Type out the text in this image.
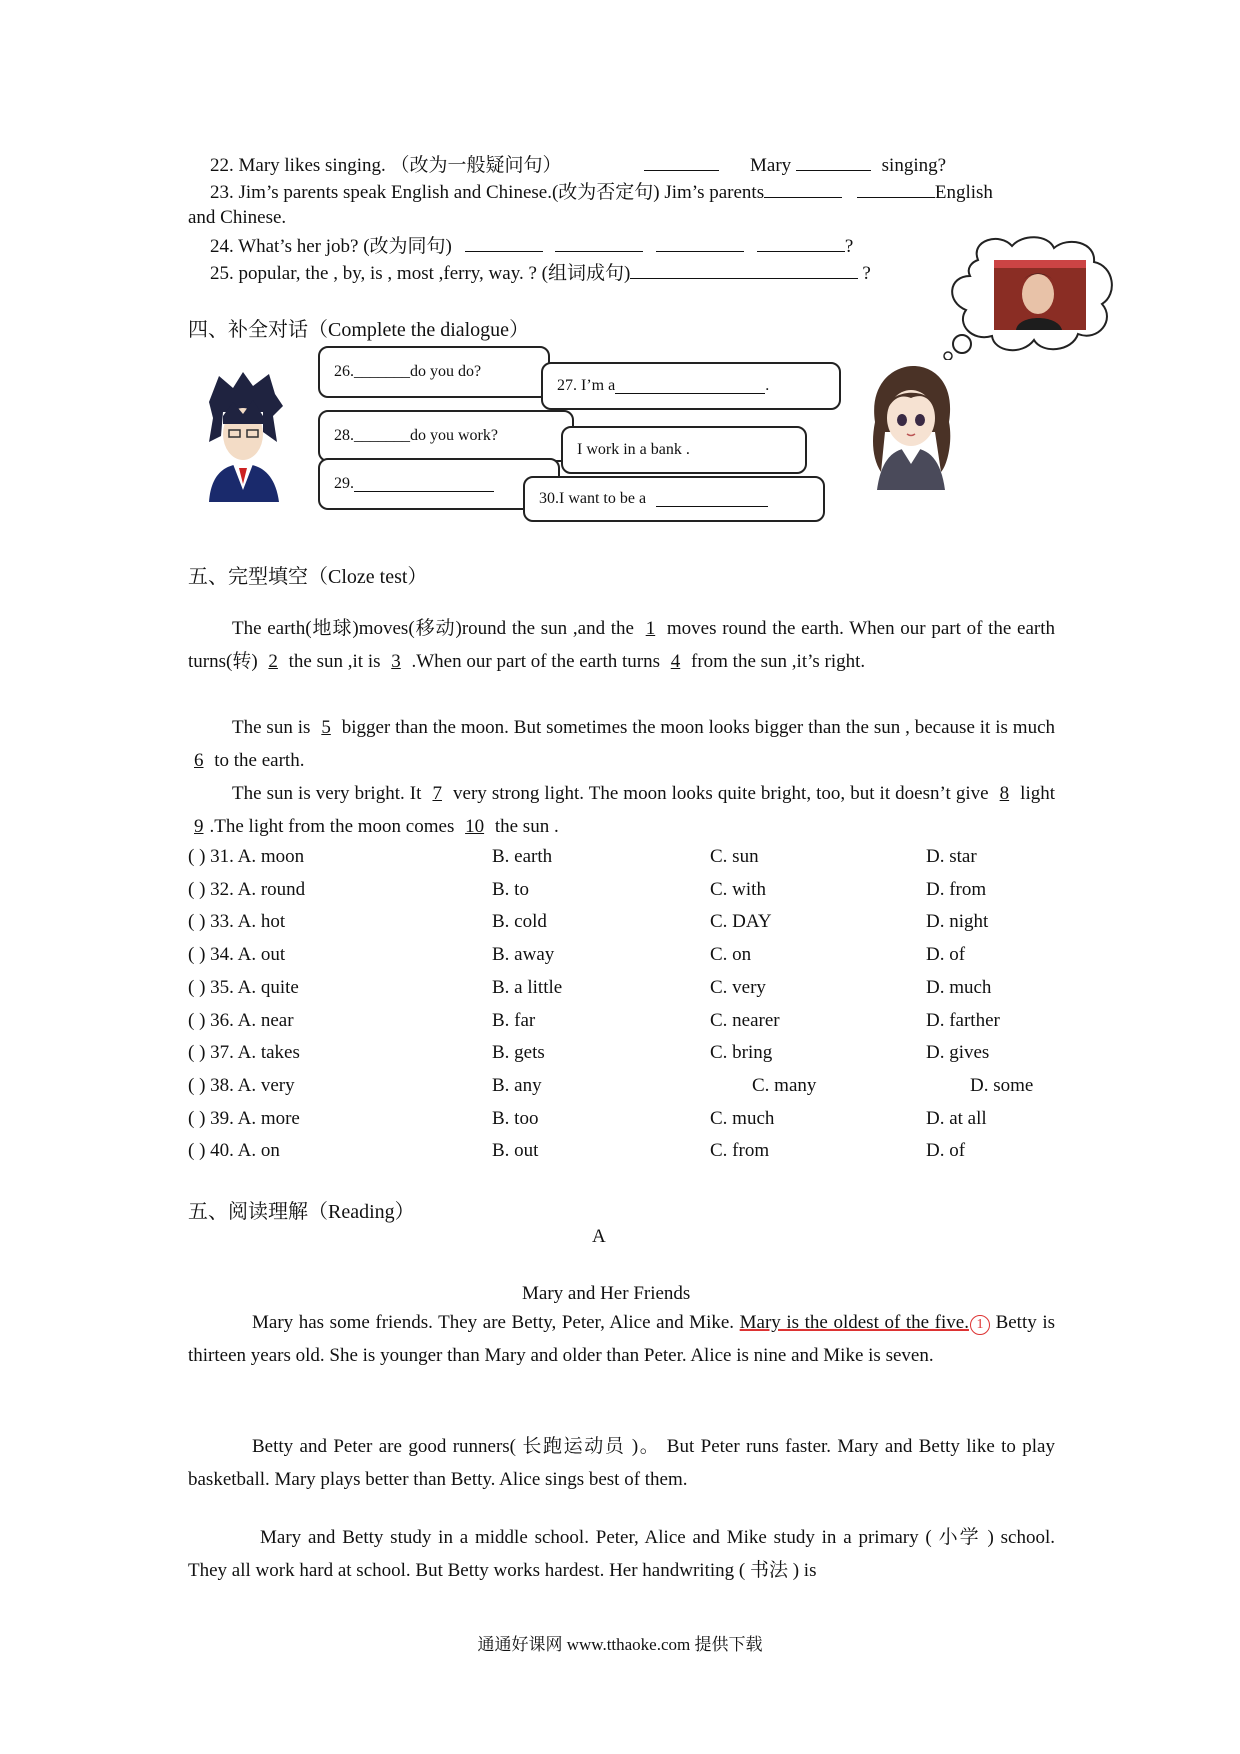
22. Mary likes singing. （改为一般疑问句）	Mary	singing?
23. Jim’s parents speak English and Chinese.(改为否定句) Jim’s parents	English
and Chinese.
24. What’s her job? (改为同句)	?
25. popular, the , by, is , most ,ferry, way. ? (组词成句)	?
四、补全对话（Complete the dialogue）
26._______do you do?
27. I’m a	.
28._______do you work?
I work in a bank .
29.
30.I want to be a
五、完型填空（Cloze test）
The earth(地球)moves(移动)round the sun ,and the 1 moves round the earth. When our part of the earth turns(转) 2 the sun ,it is 3 .When our part of the earth turns 4 from the sun ,it’s right.
The sun is 5 bigger than the moon. But sometimes the moon looks bigger than the sun , because it is much 6 to the earth.
The sun is very bright. It 7 very strong light. The moon looks quite bright, too, but it doesn’t give 8 light 9 .The light from the moon comes 10 the sun .
( ) 31. A. moon	B. earth	C. sun	D. star
( ) 32. A. round	B. to	C. with	D. from
( ) 33. A. hot	B. cold	C. DAY	D. night
( ) 34. A. out	B. away	C. on	D. of
( ) 35. A. quite	B. a little	C. very	D. much
( ) 36. A. near	B. far	C. nearer	D. farther
( ) 37. A. takes	B. gets	C. bring	D. gives
( ) 38. A. very	B. any	C. many	D. some
( ) 39. A. more	B. too	C. much	D. at all
( ) 40. A. on	B. out	C. from	D. of
五、阅读理解（Reading）
A
Mary and Her Friends
Mary has some friends. They are Betty, Peter, Alice and Mike. Mary is the oldest of the five. 1 Betty is thirteen years old. She is younger than Mary and older than Peter. Alice is nine and Mike is seven.
Betty and Peter are good runners( 长跑运动员 )。 But Peter runs faster. Mary and Betty like to play basketball. Mary plays better than Betty. Alice sings best of them.
Mary and Betty study in a middle school. Peter, Alice and Mike study in a primary ( 小学 ) school. They all work hard at school. But Betty works hardest. Her handwriting ( 书法 ) is
通通好课网 www.tthaoke.com 提供下载
